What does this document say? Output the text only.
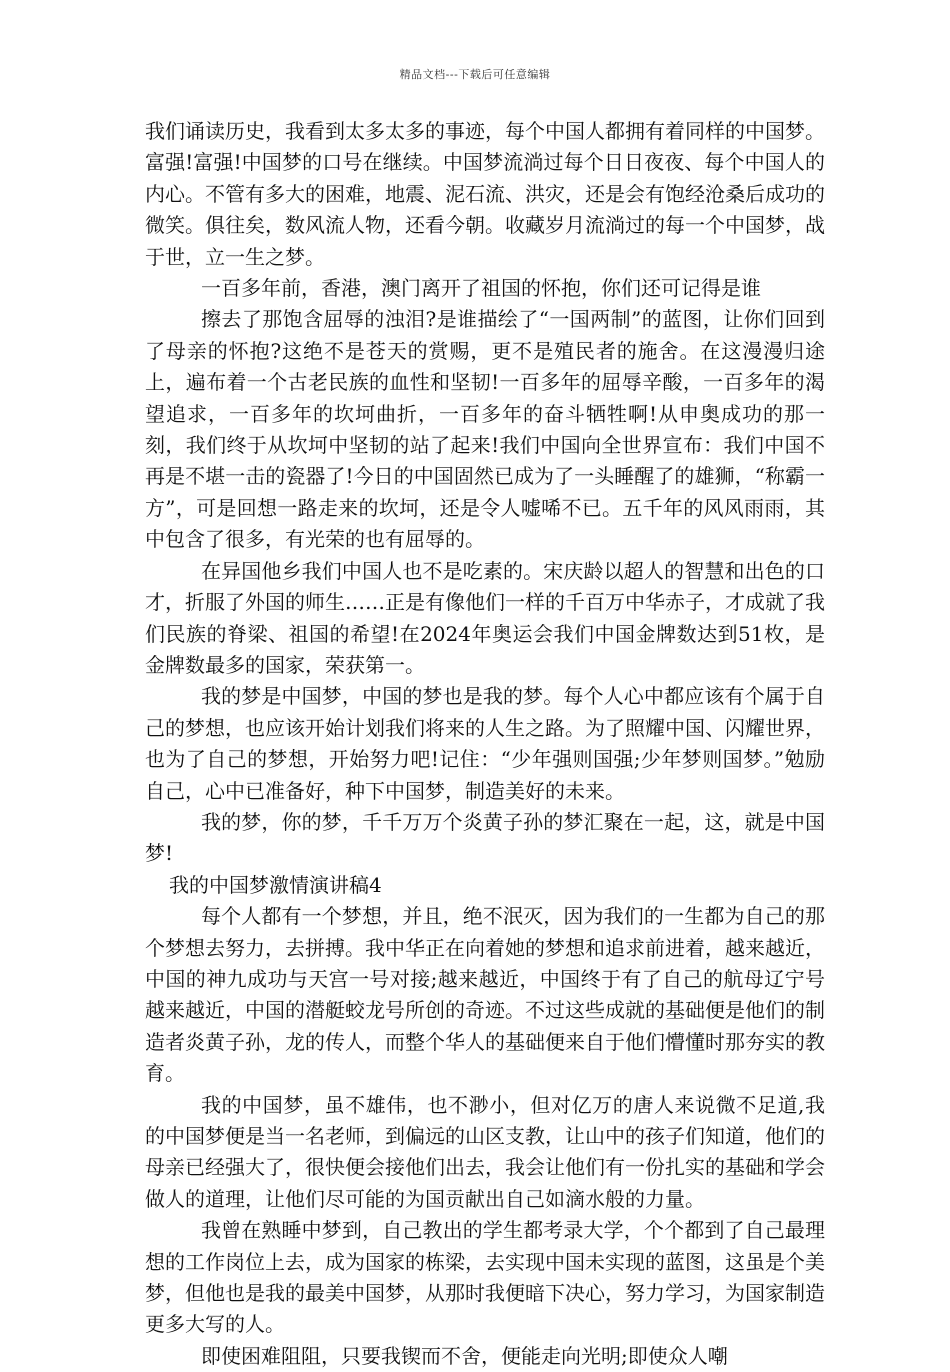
精品文档---下载后可任意编辑

我们诵读历史，我看到太多太多的事迹，每个中国人都拥有着同样的中国梦。富强!富强!中国梦的口号在继续。中国梦流淌过每个日日夜夜、每个中国人的内心。不管有多大的困难，地震、泥石流、洪灾，还是会有饱经沧桑后成功的微笑。俱往矣，数风流人物，还看今朝。收藏岁月流淌过的每一个中国梦，战于世，立一生之梦。

一百多年前，香港，澳门离开了祖国的怀抱，你们还可记得是谁

擦去了那饱含屈辱的浊泪?是谁描绘了“一国两制”的蓝图，让你们回到了母亲的怀抱?这绝不是苍天的赏赐，更不是殖民者的施舍。在这漫漫归途上，遍布着一个古老民族的血性和坚韧!一百多年的屈辱辛酸，一百多年的渴望追求，一百多年的坎坷曲折，一百多年的奋斗牺牲啊!从申奥成功的那一刻，我们终于从坎坷中坚韧的站了起来!我们中国向全世界宣布：我们中国不再是不堪一击的瓷器了!今日的中国固然已成为了一头睡醒了的雄狮，“称霸一方”，可是回想一路走来的坎坷，还是令人嘘唏不已。五千年的风风雨雨，其中包含了很多，有光荣的也有屈辱的。

在异国他乡我们中国人也不是吃素的。宋庆龄以超人的智慧和出色的口才，折服了外国的师生……正是有像他们一样的千百万中华赤子，才成就了我们民族的脊梁、祖国的希望!在2024年奥运会我们中国金牌数达到51枚，是金牌数最多的国家，荣获第一。

我的梦是中国梦，中国的梦也是我的梦。每个人心中都应该有个属于自己的梦想，也应该开始计划我们将来的人生之路。为了照耀中国、闪耀世界，也为了自己的梦想，开始努力吧!记住：“少年强则国强;少年梦则国梦。”勉励自己，心中已准备好，种下中国梦，制造美好的未来。

我的梦，你的梦，千千万万个炎黄子孙的梦汇聚在一起，这，就是中国梦!

我的中国梦激情演讲稿4

每个人都有一个梦想，并且，绝不泯灭，因为我们的一生都为自己的那个梦想去努力，去拼搏。我中华正在向着她的梦想和追求前进着，越来越近，中国的神九成功与天宫一号对接;越来越近，中国终于有了自己的航母辽宁号越来越近，中国的潜艇蛟龙号所创的奇迹。不过这些成就的基础便是他们的制造者炎黄子孙，龙的传人，而整个华人的基础便来自于他们懵懂时那夯实的教育。

我的中国梦，虽不雄伟，也不渺小，但对亿万的唐人来说微不足道,我的中国梦便是当一名老师，到偏远的山区支教，让山中的孩子们知道，他们的母亲已经强大了，很快便会接他们出去，我会让他们有一份扎实的基础和学会做人的道理，让他们尽可能的为国贡献出自己如滴水般的力量。

我曾在熟睡中梦到，自己教出的学生都考录大学，个个都到了自己最理想的工作岗位上去，成为国家的栋梁，去实现中国未实现的蓝图，这虽是个美梦，但他也是我的最美中国梦，从那时我便暗下决心，努力学习，为国家制造更多大写的人。

即使困难阻阻，只要我锲而不舍，便能走向光明;即使众人嘲
